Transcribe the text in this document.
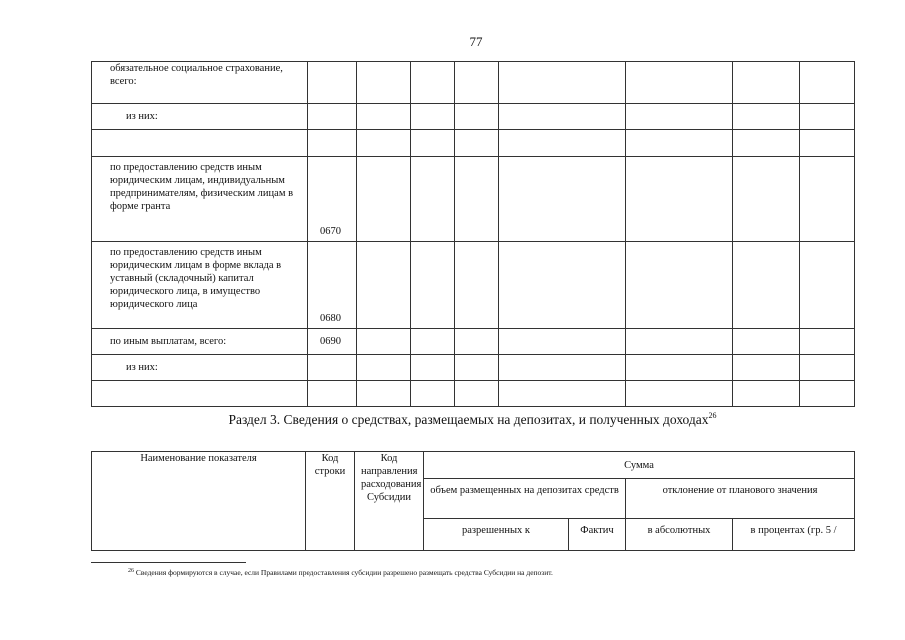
77
обязательное социальное страхование, всего:								
из них:								

по предоставлению средств иным юридическим лицам, индивидуальным предпринимателям, физическим лицам в форме гранта	0670							
по предоставлению средств иным юридическим лицам в форме вклада в уставный (складочный) капитал юридического лица, в имущество юридического лица	0680							
по иным выплатам, всего:	0690							
из них:								

Раздел 3. Сведения о средствах, размещаемых на депозитах, и полученных доходах$^{26}$
Наименование показателя	Код строки	Код направления расходования Субсидии	Сумма			
			объем размещенных на депозитах средств		отклонение от планового значения	
			разрешенных к	Фактич	в абсолютных	в процентах (гр. 5 /
$^{26}$ Сведения формируются в случае, если Правилами предоставления субсидии разрешено размещать средства Субсидии на депозит.
